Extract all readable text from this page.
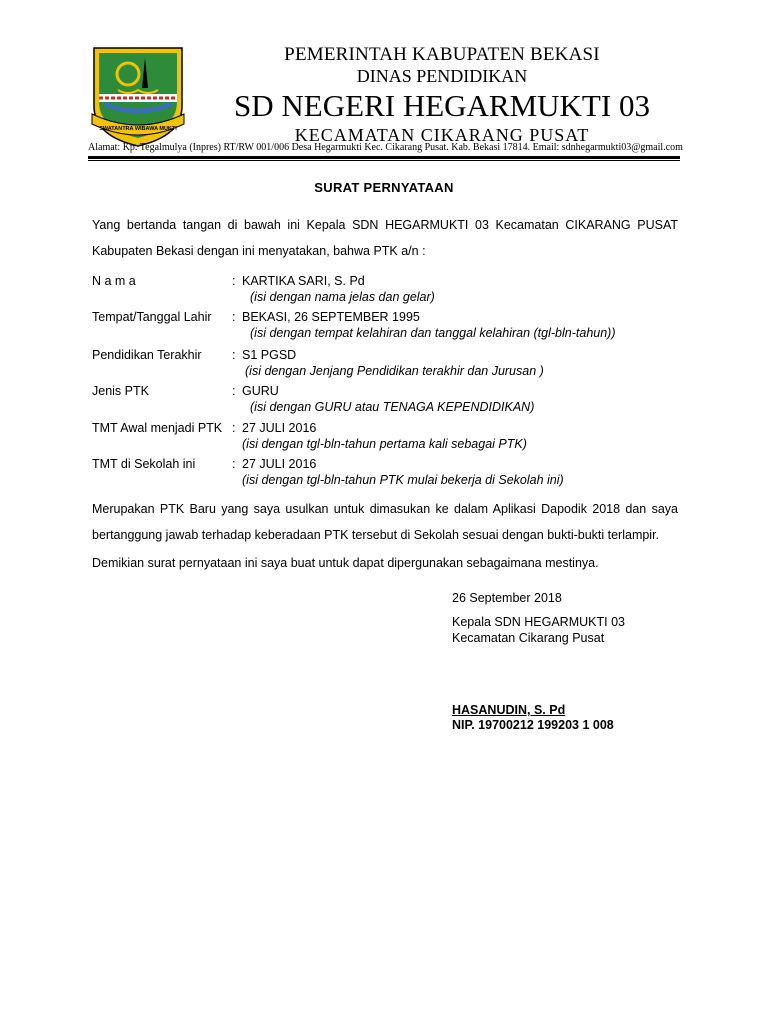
SWATANTRA WIBAWA MUKTI
PEMERINTAH KABUPATEN BEKASI
DINAS PENDIDIKAN
SD NEGERI HEGARMUKTI 03
KECAMATAN CIKARANG PUSAT
Alamat: Kp. Tegalmulya (Inpres) RT/RW 001/006 Desa Hegarmukti Kec. Cikarang Pusat. Kab. Bekasi 17814. Email: sdnhegarmukti03@gmail.com
SURAT PERNYATAAN
Yang bertanda tangan di bawah ini Kepala SDN HEGARMUKTI 03 Kecamatan CIKARANG PUSAT Kabupaten Bekasi dengan ini menyatakan, bahwa PTK a/n :
N a m a	: KARTIKA SARI, S. Pd
(isi dengan nama jelas dan gelar)
Tempat/Tanggal Lahir	: BEKASI, 26 SEPTEMBER 1995
(isi dengan tempat kelahiran dan tanggal kelahiran (tgl-bln-tahun))
Pendidikan Terakhir	: S1 PGSD
(isi dengan Jenjang Pendidikan terakhir dan Jurusan )
Jenis PTK	: GURU
(isi dengan GURU atau TENAGA KEPENDIDIKAN)
TMT Awal menjadi PTK : 27 JULI 2016
(isi dengan tgl-bln-tahun pertama kali sebagai PTK)
TMT di Sekolah ini	: 27 JULI 2016
(isi dengan tgl-bln-tahun PTK mulai bekerja di Sekolah ini)
Merupakan PTK Baru yang saya usulkan untuk dimasukan ke dalam Aplikasi Dapodik 2018 dan saya bertanggung jawab terhadap keberadaan PTK tersebut di Sekolah sesuai dengan bukti-bukti terlampir.
Demikian surat pernyataan ini saya buat untuk dapat dipergunakan sebagaimana mestinya.
26 September 2018
Kepala SDN HEGARMUKTI 03
Kecamatan Cikarang Pusat
HASANUDIN, S. Pd
NIP. 19700212 199203 1 008
